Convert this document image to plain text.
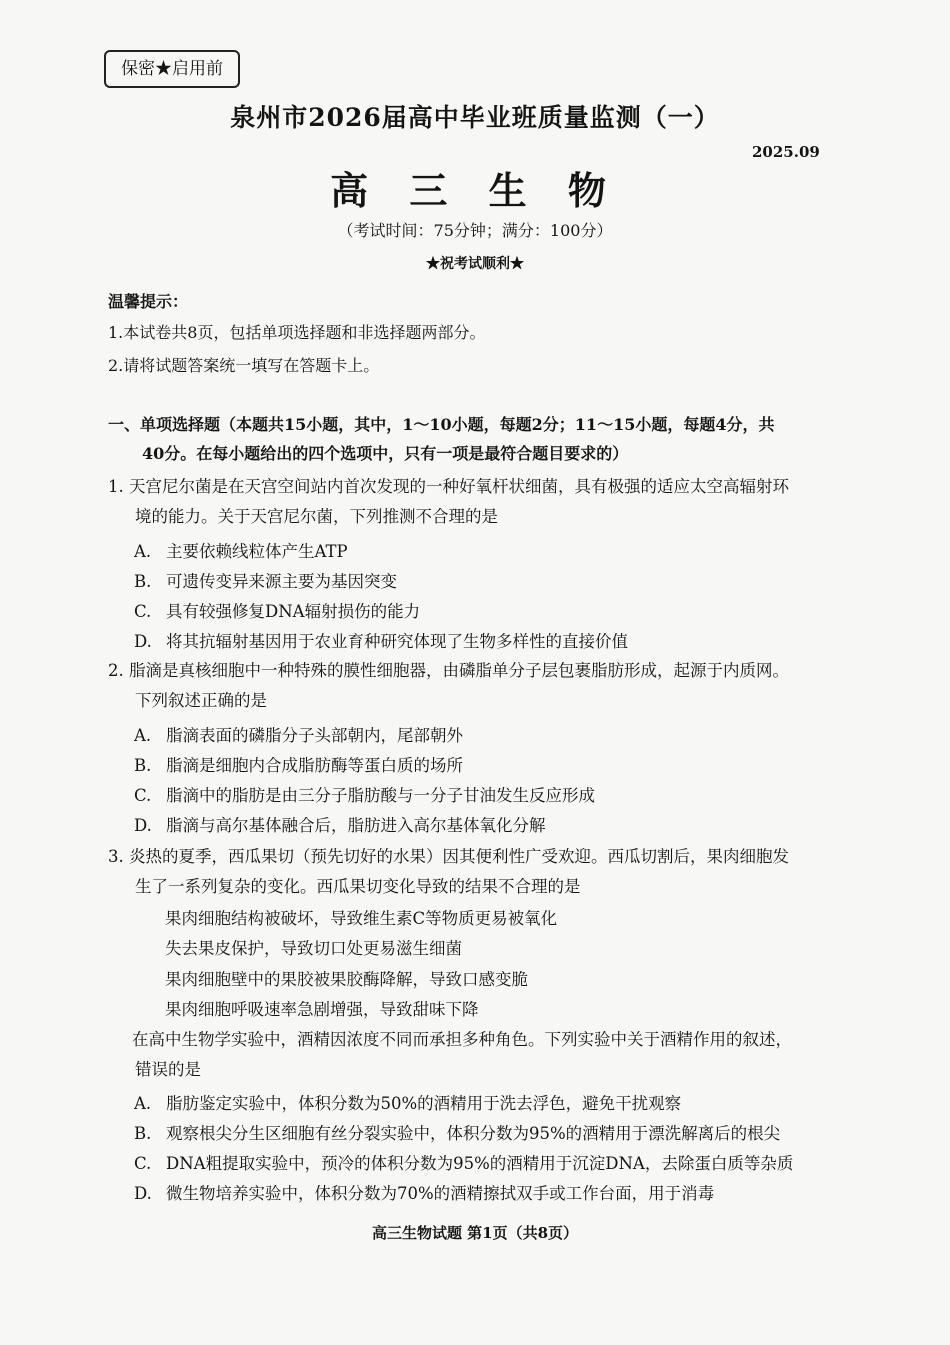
保密★启用前
泉州市2026届高中毕业班质量监测（一）
2025.09
高 三 生 物
（考试时间：75分钟；满分：100分）
★祝考试顺利★
温馨提示：
1.本试卷共8页，包括单项选择题和非选择题两部分。
2.请将试题答案统一填写在答题卡上。
一、单项选择题（本题共15小题，其中，1～10小题，每题2分；11～15小题，每题4分，共
40分。在每小题给出的四个选项中，只有一项是最符合题目要求的）
1. 天宫尼尔菌是在天宫空间站内首次发现的一种好氧杆状细菌，具有极强的适应太空高辐射环
境的能力。关于天宫尼尔菌，下列推测不合理的是
A. 主要依赖线粒体产生ATP
B. 可遗传变异来源主要为基因突变
C. 具有较强修复DNA辐射损伤的能力
D. 将其抗辐射基因用于农业育种研究体现了生物多样性的直接价值
2. 脂滴是真核细胞中一种特殊的膜性细胞器，由磷脂单分子层包裹脂肪形成，起源于内质网。
下列叙述正确的是
A. 脂滴表面的磷脂分子头部朝内，尾部朝外
B. 脂滴是细胞内合成脂肪酶等蛋白质的场所
C. 脂滴中的脂肪是由三分子脂肪酸与一分子甘油发生反应形成
D. 脂滴与高尔基体融合后，脂肪进入高尔基体氧化分解
3. 炎热的夏季，西瓜果切（预先切好的水果）因其便利性广受欢迎。西瓜切割后，果肉细胞发
生了一系列复杂的变化。西瓜果切变化导致的结果不合理的是
果肉细胞结构被破坏，导致维生素C等物质更易被氧化
失去果皮保护，导致切口处更易滋生细菌
果肉细胞壁中的果胶被果胶酶降解，导致口感变脆
果肉细胞呼吸速率急剧增强，导致甜味下降
在高中生物学实验中，酒精因浓度不同而承担多种角色。下列实验中关于酒精作用的叙述，
错误的是
A. 脂肪鉴定实验中，体积分数为50%的酒精用于洗去浮色，避免干扰观察
B. 观察根尖分生区细胞有丝分裂实验中，体积分数为95%的酒精用于漂洗解离后的根尖
C. DNA粗提取实验中，预冷的体积分数为95%的酒精用于沉淀DNA，去除蛋白质等杂质
D. 微生物培养实验中，体积分数为70%的酒精擦拭双手或工作台面，用于消毒
高三生物试题 第1页（共8页）
